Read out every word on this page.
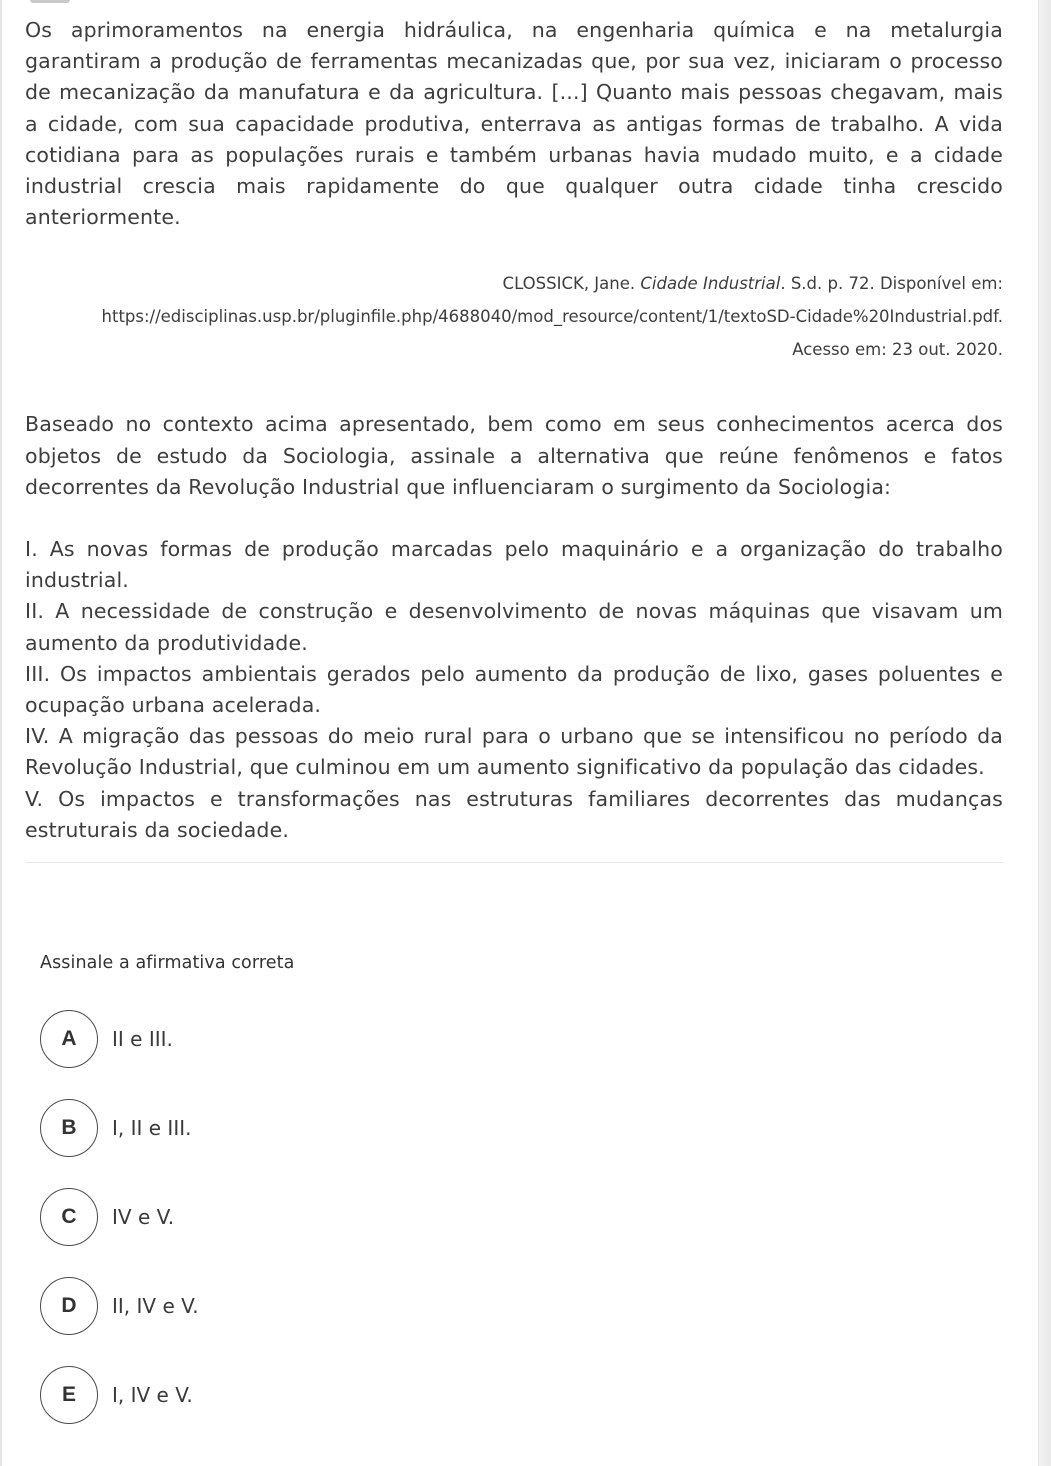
Os aprimoramentos na energia hidráulica, na engenharia química e na metalurgia garantiram a produção de ferramentas mecanizadas que, por sua vez, iniciaram o processo de mecanização da manufatura e da agricultura. [...] Quanto mais pessoas chegavam, mais a cidade, com sua capacidade produtiva, enterrava as antigas formas de trabalho. A vida cotidiana para as populações rurais e também urbanas havia mudado muito, e a cidade industrial crescia mais rapidamente do que qualquer outra cidade tinha crescido anteriormente.

CLOSSICK, Jane. Cidade Industrial. S.d. p. 72. Disponível em:
https://edisciplinas.usp.br/pluginfile.php/4688040/mod_resource/content/1/textoSD-Cidade%20Industrial.pdf.
Acesso em: 23 out. 2020.

Baseado no contexto acima apresentado, bem como em seus conhecimentos acerca dos objetos de estudo da Sociologia, assinale a alternativa que reúne fenômenos e fatos decorrentes da Revolução Industrial que influenciaram o surgimento da Sociologia:

I. As novas formas de produção marcadas pelo maquinário e a organização do trabalho industrial.

II. A necessidade de construção e desenvolvimento de novas máquinas que visavam um aumento da produtividade.

III. Os impactos ambientais gerados pelo aumento da produção de lixo, gases poluentes e ocupação urbana acelerada.

IV. A migração das pessoas do meio rural para o urbano que se intensificou no período da Revolução Industrial, que culminou em um aumento significativo da população das cidades.

V. Os impactos e transformações nas estruturas familiares decorrentes das mudanças estruturais da sociedade.

Assinale a afirmativa correta
A	II e III.
B	I, II e III.
C	IV e V.
D	II, IV e V.
E	I, IV e V.
